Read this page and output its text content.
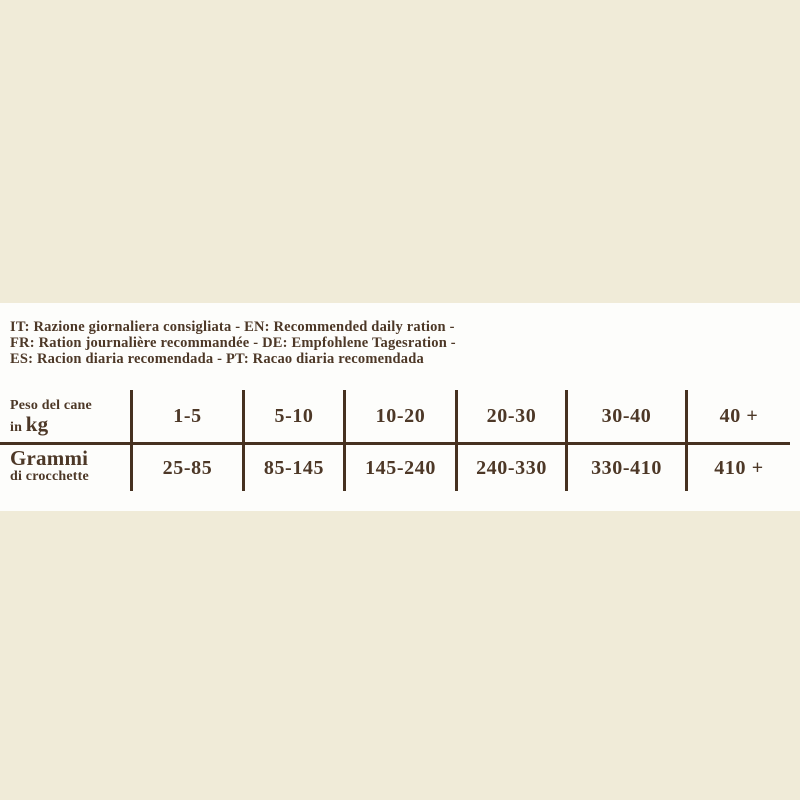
IT: Razione giornaliera consigliata - EN: Recommended daily ration -
FR: Ration journalière recommandée - DE: Empfohlene Tagesration -
ES: Racion diaria recomendada - PT: Racao diaria recomendada
Peso del cane
in kg	1-5	5-10	10-20	20-30	30-40	40 +
Grammi
di crocchette	25-85	85-145	145-240	240-330	330-410	410 +
